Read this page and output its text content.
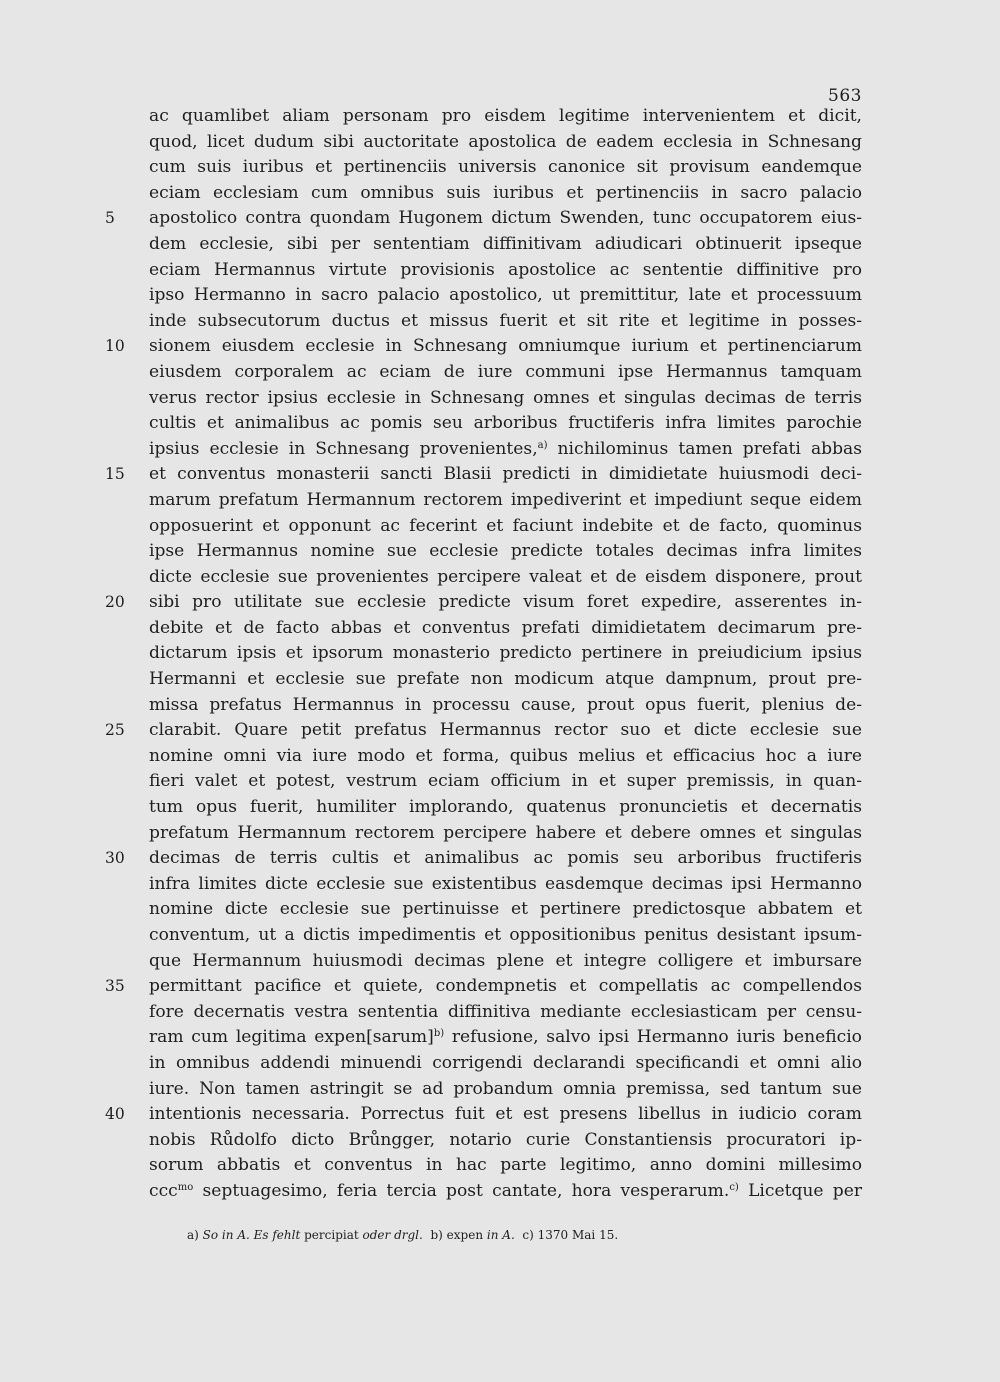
563
ac quamlibet aliam personam pro eisdem legitime intervenientem et dicit,
quod, licet dudum sibi auctoritate apostolica de eadem ecclesia in Schnesang
cum suis iuribus et pertinenciis universis canonice sit provisum eandemque
eciam ecclesiam cum omnibus suis iuribus et pertinenciis in sacro palacio
5	apostolico contra quondam Hugonem dictum Swenden, tunc occupatorem eius-
dem ecclesie, sibi per sententiam diffinitivam adiudicari obtinuerit ipseque
eciam Hermannus virtute provisionis apostolice ac sententie diffinitive pro
ipso Hermanno in sacro palacio apostolico, ut premittitur, late et processuum
inde subsecutorum ductus et missus fuerit et sit rite et legitime in posses-
10	sionem eiusdem ecclesie in Schnesang omniumque iurium et pertinenciarum
eiusdem corporalem ac eciam de iure communi ipse Hermannus tamquam
verus rector ipsius ecclesie in Schnesang omnes et singulas decimas de terris
cultis et animalibus ac pomis seu arboribus fructiferis infra limites parochie
ipsius ecclesie in Schnesang provenientes,$^{a)}$ nichilominus tamen prefati abbas
15	et conventus monasterii sancti Blasii predicti in dimidietate huiusmodi deci-
marum prefatum Hermannum rectorem impediverint et impediunt seque eidem
opposuerint et opponunt ac fecerint et faciunt indebite et de facto, quominus
ipse Hermannus nomine sue ecclesie predicte totales decimas infra limites
dicte ecclesie sue provenientes percipere valeat et de eisdem disponere, prout
20	sibi pro utilitate sue ecclesie predicte visum foret expedire, asserentes in-
debite et de facto abbas et conventus prefati dimidietatem decimarum pre-
dictarum ipsis et ipsorum monasterio predicto pertinere in preiudicium ipsius
Hermanni et ecclesie sue prefate non modicum atque dampnum, prout pre-
missa prefatus Hermannus in processu cause, prout opus fuerit, plenius de-
25	clarabit. Quare petit prefatus Hermannus rector suo et dicte ecclesie sue
nomine omni via iure modo et forma, quibus melius et efficacius hoc a iure
fieri valet et potest, vestrum eciam officium in et super premissis, in quan-
tum opus fuerit, humiliter implorando, quatenus pronuncietis et decernatis
prefatum Hermannum rectorem percipere habere et debere omnes et singulas
30	decimas de terris cultis et animalibus ac pomis seu arboribus fructiferis
infra limites dicte ecclesie sue existentibus easdemque decimas ipsi Hermanno
nomine dicte ecclesie sue pertinuisse et pertinere predictosque abbatem et
conventum, ut a dictis impedimentis et oppositionibus penitus desistant ipsum-
que Hermannum huiusmodi decimas plene et integre colligere et imbursare
35	permittant pacifice et quiete, condempnetis et compellatis ac compellendos
fore decernatis vestra sententia diffinitiva mediante ecclesiasticam per censu-
ram cum legitima expen[sarum]$^{b)}$ refusione, salvo ipsi Hermanno iuris beneficio
in omnibus addendi minuendi corrigendi declarandi specificandi et omni alio
iure. Non tamen astringit se ad probandum omnia premissa, sed tantum sue
40	intentionis necessaria. Porrectus fuit et est presens libellus in iudicio coram
nobis Růdolfo dicto Brůngger, notario curie Constantiensis procuratori ip-
sorum abbatis et conventus in hac parte legitimo, anno domini millesimo
ccc$^{mo}$ septuagesimo, feria tercia post cantate, hora vesperarum.$^{c)}$ Licetque per
a) So in A. Es fehlt percipiat oder drgl. b) expen in A. c) 1370 Mai 15.
